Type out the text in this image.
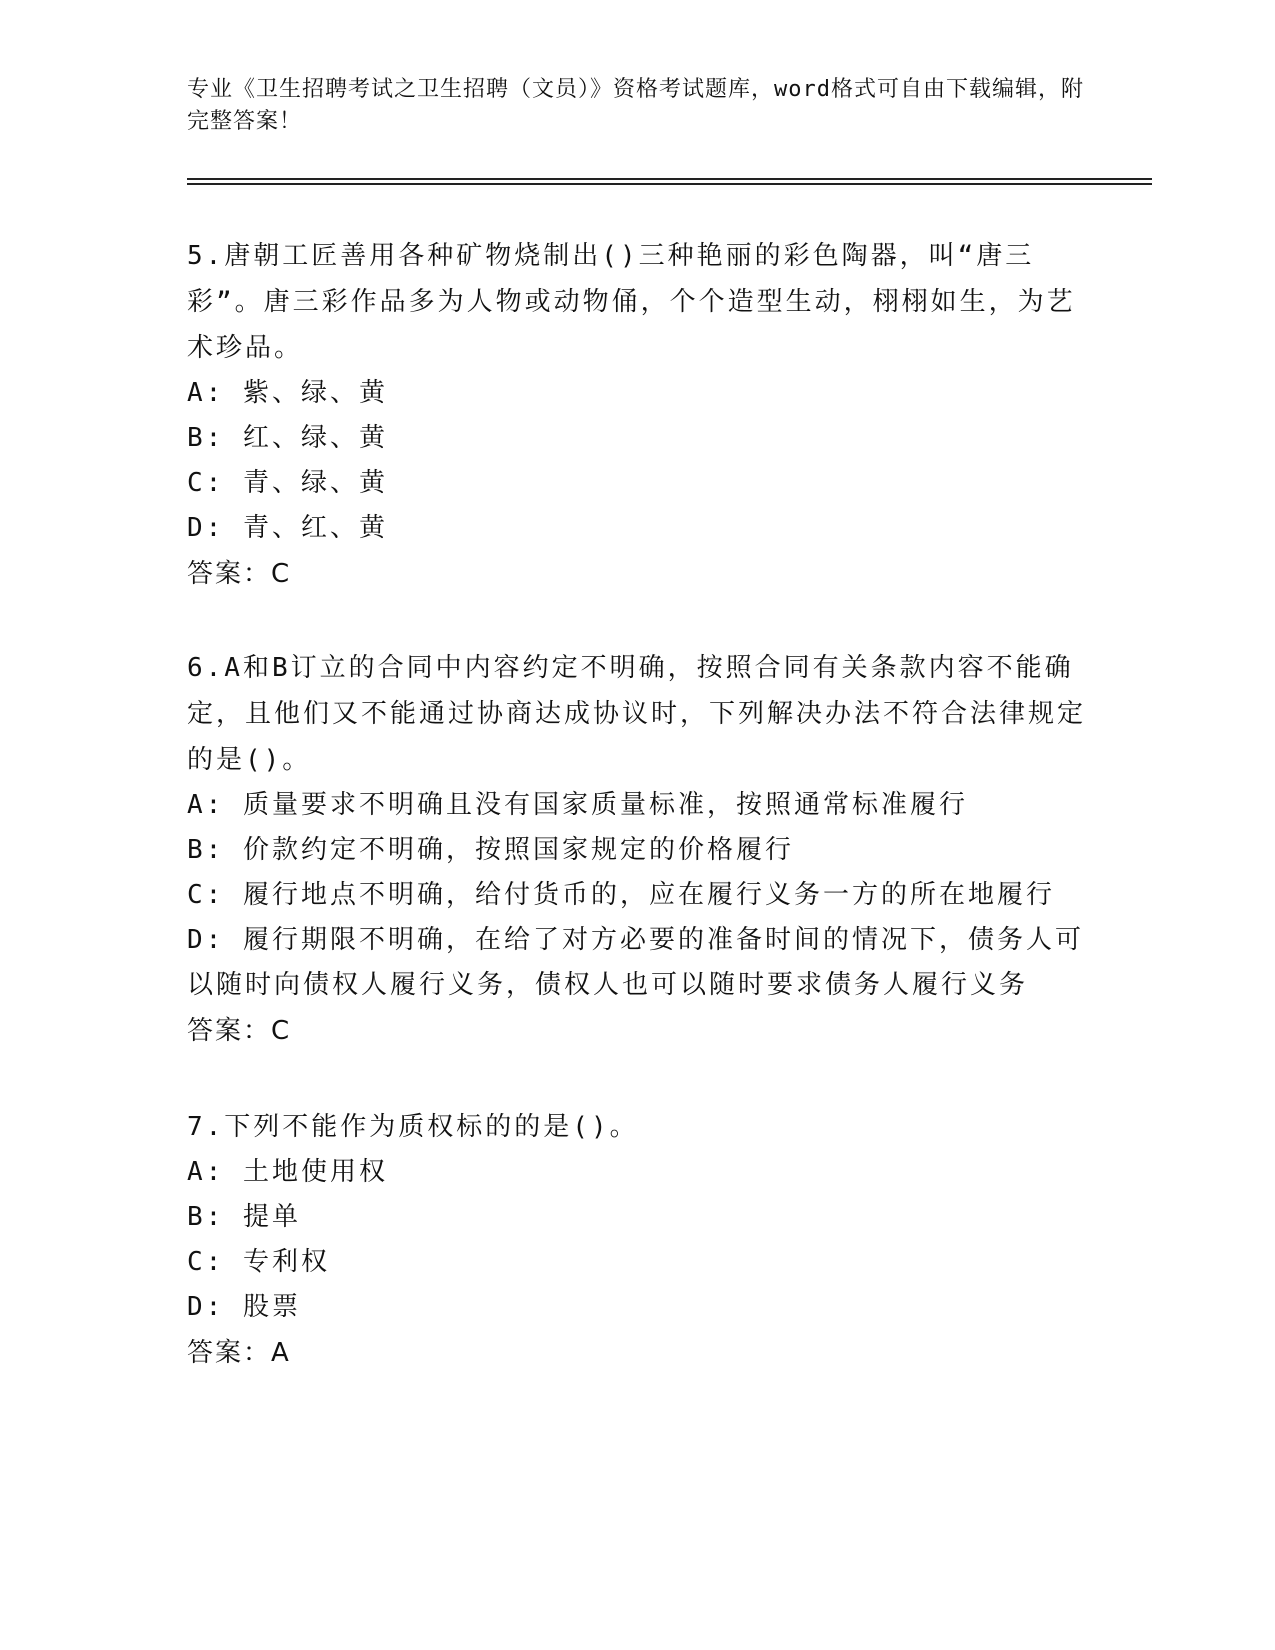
专业《卫生招聘考试之卫生招聘（文员）》资格考试题库，word格式可自由下载编辑，附完整答案！
5.唐朝工匠善用各种矿物烧制出()三种艳丽的彩色陶器，叫“唐三彩”。唐三彩作品多为人物或动物俑，个个造型生动，栩栩如生，为艺术珍品。
A: 紫、绿、黄
B: 红、绿、黄
C: 青、绿、黄
D: 青、红、黄
答案：C
6.A和B订立的合同中内容约定不明确，按照合同有关条款内容不能确定，且他们又不能通过协商达成协议时，下列解决办法不符合法律规定的是()。
A: 质量要求不明确且没有国家质量标准，按照通常标准履行
B: 价款约定不明确，按照国家规定的价格履行
C: 履行地点不明确，给付货币的，应在履行义务一方的所在地履行
D: 履行期限不明确，在给了对方必要的准备时间的情况下，债务人可以随时向债权人履行义务，债权人也可以随时要求债务人履行义务
答案：C
7.下列不能作为质权标的的是()。
A: 土地使用权
B: 提单
C: 专利权
D: 股票
答案：A
